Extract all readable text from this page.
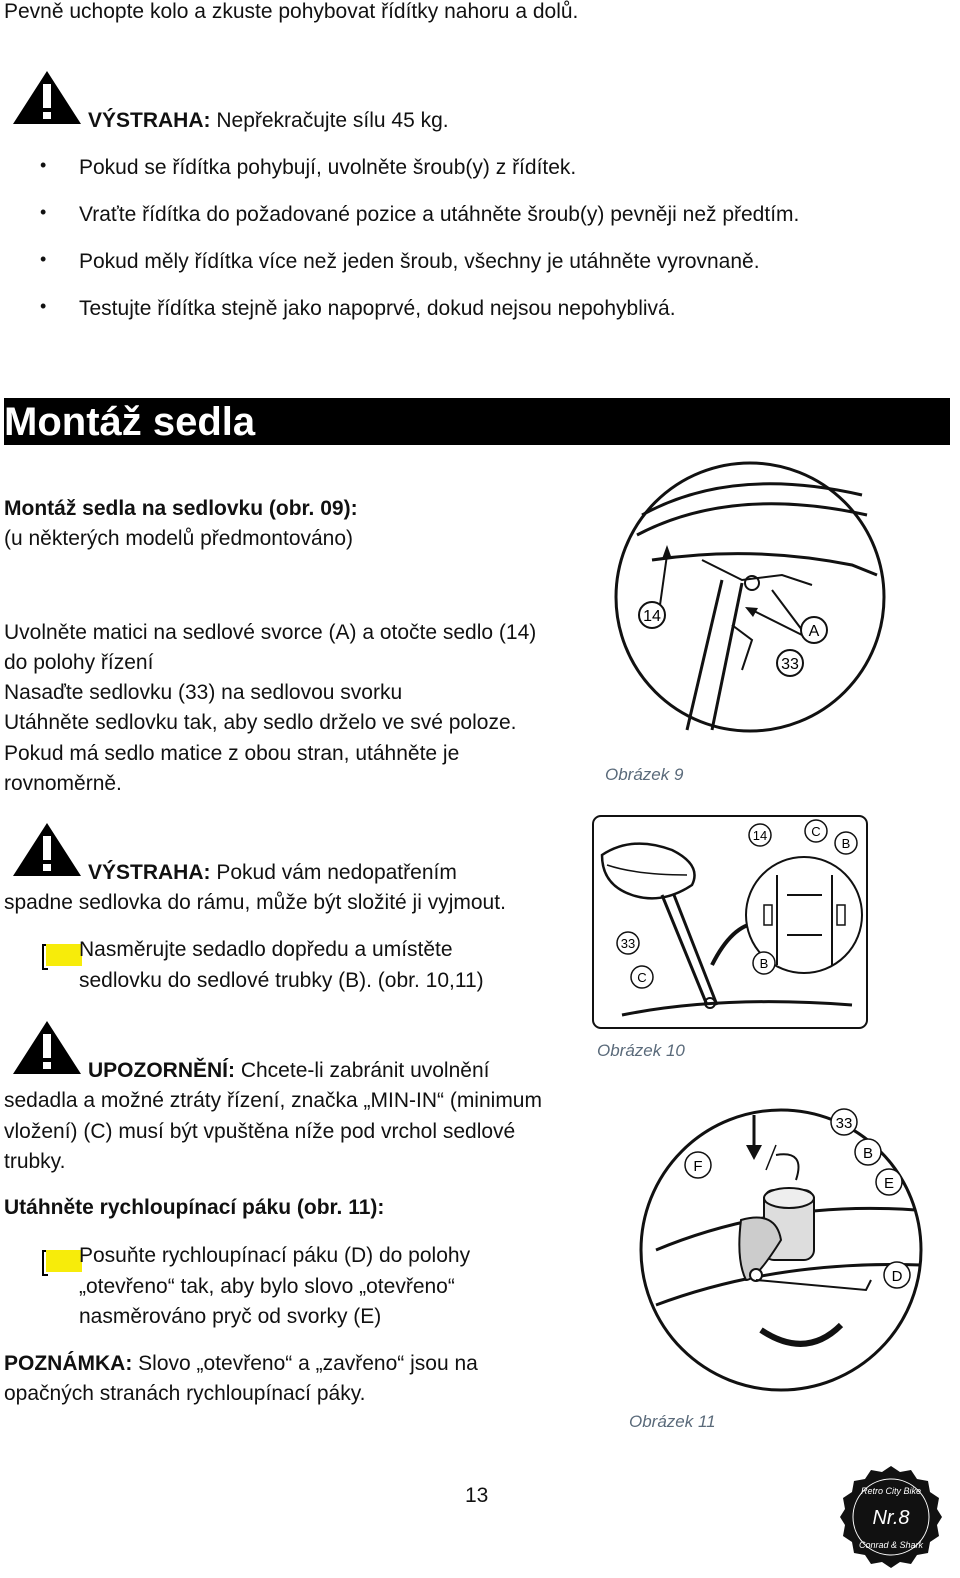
Pevně uchopte kolo a zkuste pohybovat řídítky nahoru a dolů.
VÝSTRAHA: Nepřekračujte sílu 45 kg.
• Pokud se řídítka pohybují, uvolněte šroub(y) z řídítek.
• Vraťte řídítka do požadované pozice a utáhněte šroub(y) pevněji než předtím.
• Pokud měly řídítka více než jeden šroub, všechny je utáhněte vyrovnaně.
• Testujte řídítka stejně jako napoprvé, dokud nejsou nepohyblivá.
Montáž sedla
Montáž sedla na sedlovku (obr. 09):
(u některých modelů předmontováno)
Uvolněte matici na sedlové svorce (A) a otočte sedlo (14)
do polohy řízení
Nasaďte sedlovku (33) na sedlovou svorku
Utáhněte sedlovku tak, aby sedlo drželo ve své poloze.
Pokud má sedlo matice z obou stran, utáhněte je
rovnoměrně.
14
A
33
Obrázek 9
VÝSTRAHA: Pokud vám nedopatřením
spadne sedlovka do rámu, může být složité ji vyjmout.
Nasměrujte sedadlo dopředu a umístěte
sedlovku do sedlové trubky (B). (obr. 10,11)
14	C
B
33
C
B
Obrázek 10
UPOZORNĚNÍ: Chcete-li zabránit uvolnění
sedadla a možné ztráty řízení, značka „MIN-IN“ (minimum
vložení) (C) musí být vpuštěna níže pod vrchol sedlové
trubky.
Utáhněte rychloupínací páku (obr. 11):
Posuňte rychloupínací páku (D) do polohy
„otevřeno“ tak, aby bylo slovo „otevřeno“
nasměrováno pryč od svorky (E)
POZNÁMKA: Slovo „otevřeno“ a „zavřeno“ jsou na
opačných stranách rychloupínací páky.
33
F
B
E
D
Obrázek 11
13	Retro City Bike
Nr.8
Conrad & Shark
